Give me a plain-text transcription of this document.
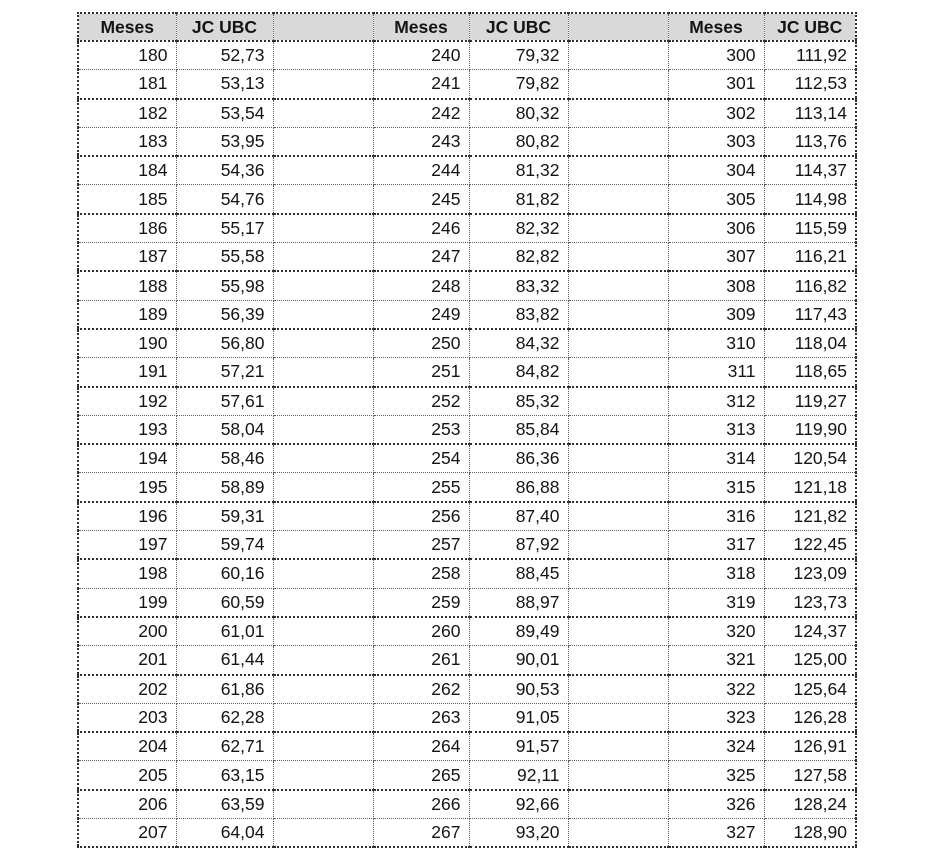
Meses	JC UBC		Meses	JC UBC		Meses	JC UBC
180	52,73		240	79,32		300	111,92
181	53,13		241	79,82		301	112,53
182	53,54		242	80,32		302	113,14
183	53,95		243	80,82		303	113,76
184	54,36		244	81,32		304	114,37
185	54,76		245	81,82		305	114,98
186	55,17		246	82,32		306	115,59
187	55,58		247	82,82		307	116,21
188	55,98		248	83,32		308	116,82
189	56,39		249	83,82		309	117,43
190	56,80		250	84,32		310	118,04
191	57,21		251	84,82		311	118,65
192	57,61		252	85,32		312	119,27
193	58,04		253	85,84		313	119,90
194	58,46		254	86,36		314	120,54
195	58,89		255	86,88		315	121,18
196	59,31		256	87,40		316	121,82
197	59,74		257	87,92		317	122,45
198	60,16		258	88,45		318	123,09
199	60,59		259	88,97		319	123,73
200	61,01		260	89,49		320	124,37
201	61,44		261	90,01		321	125,00
202	61,86		262	90,53		322	125,64
203	62,28		263	91,05		323	126,28
204	62,71		264	91,57		324	126,91
205	63,15		265	92,11		325	127,58
206	63,59		266	92,66		326	128,24
207	64,04		267	93,20		327	128,90
